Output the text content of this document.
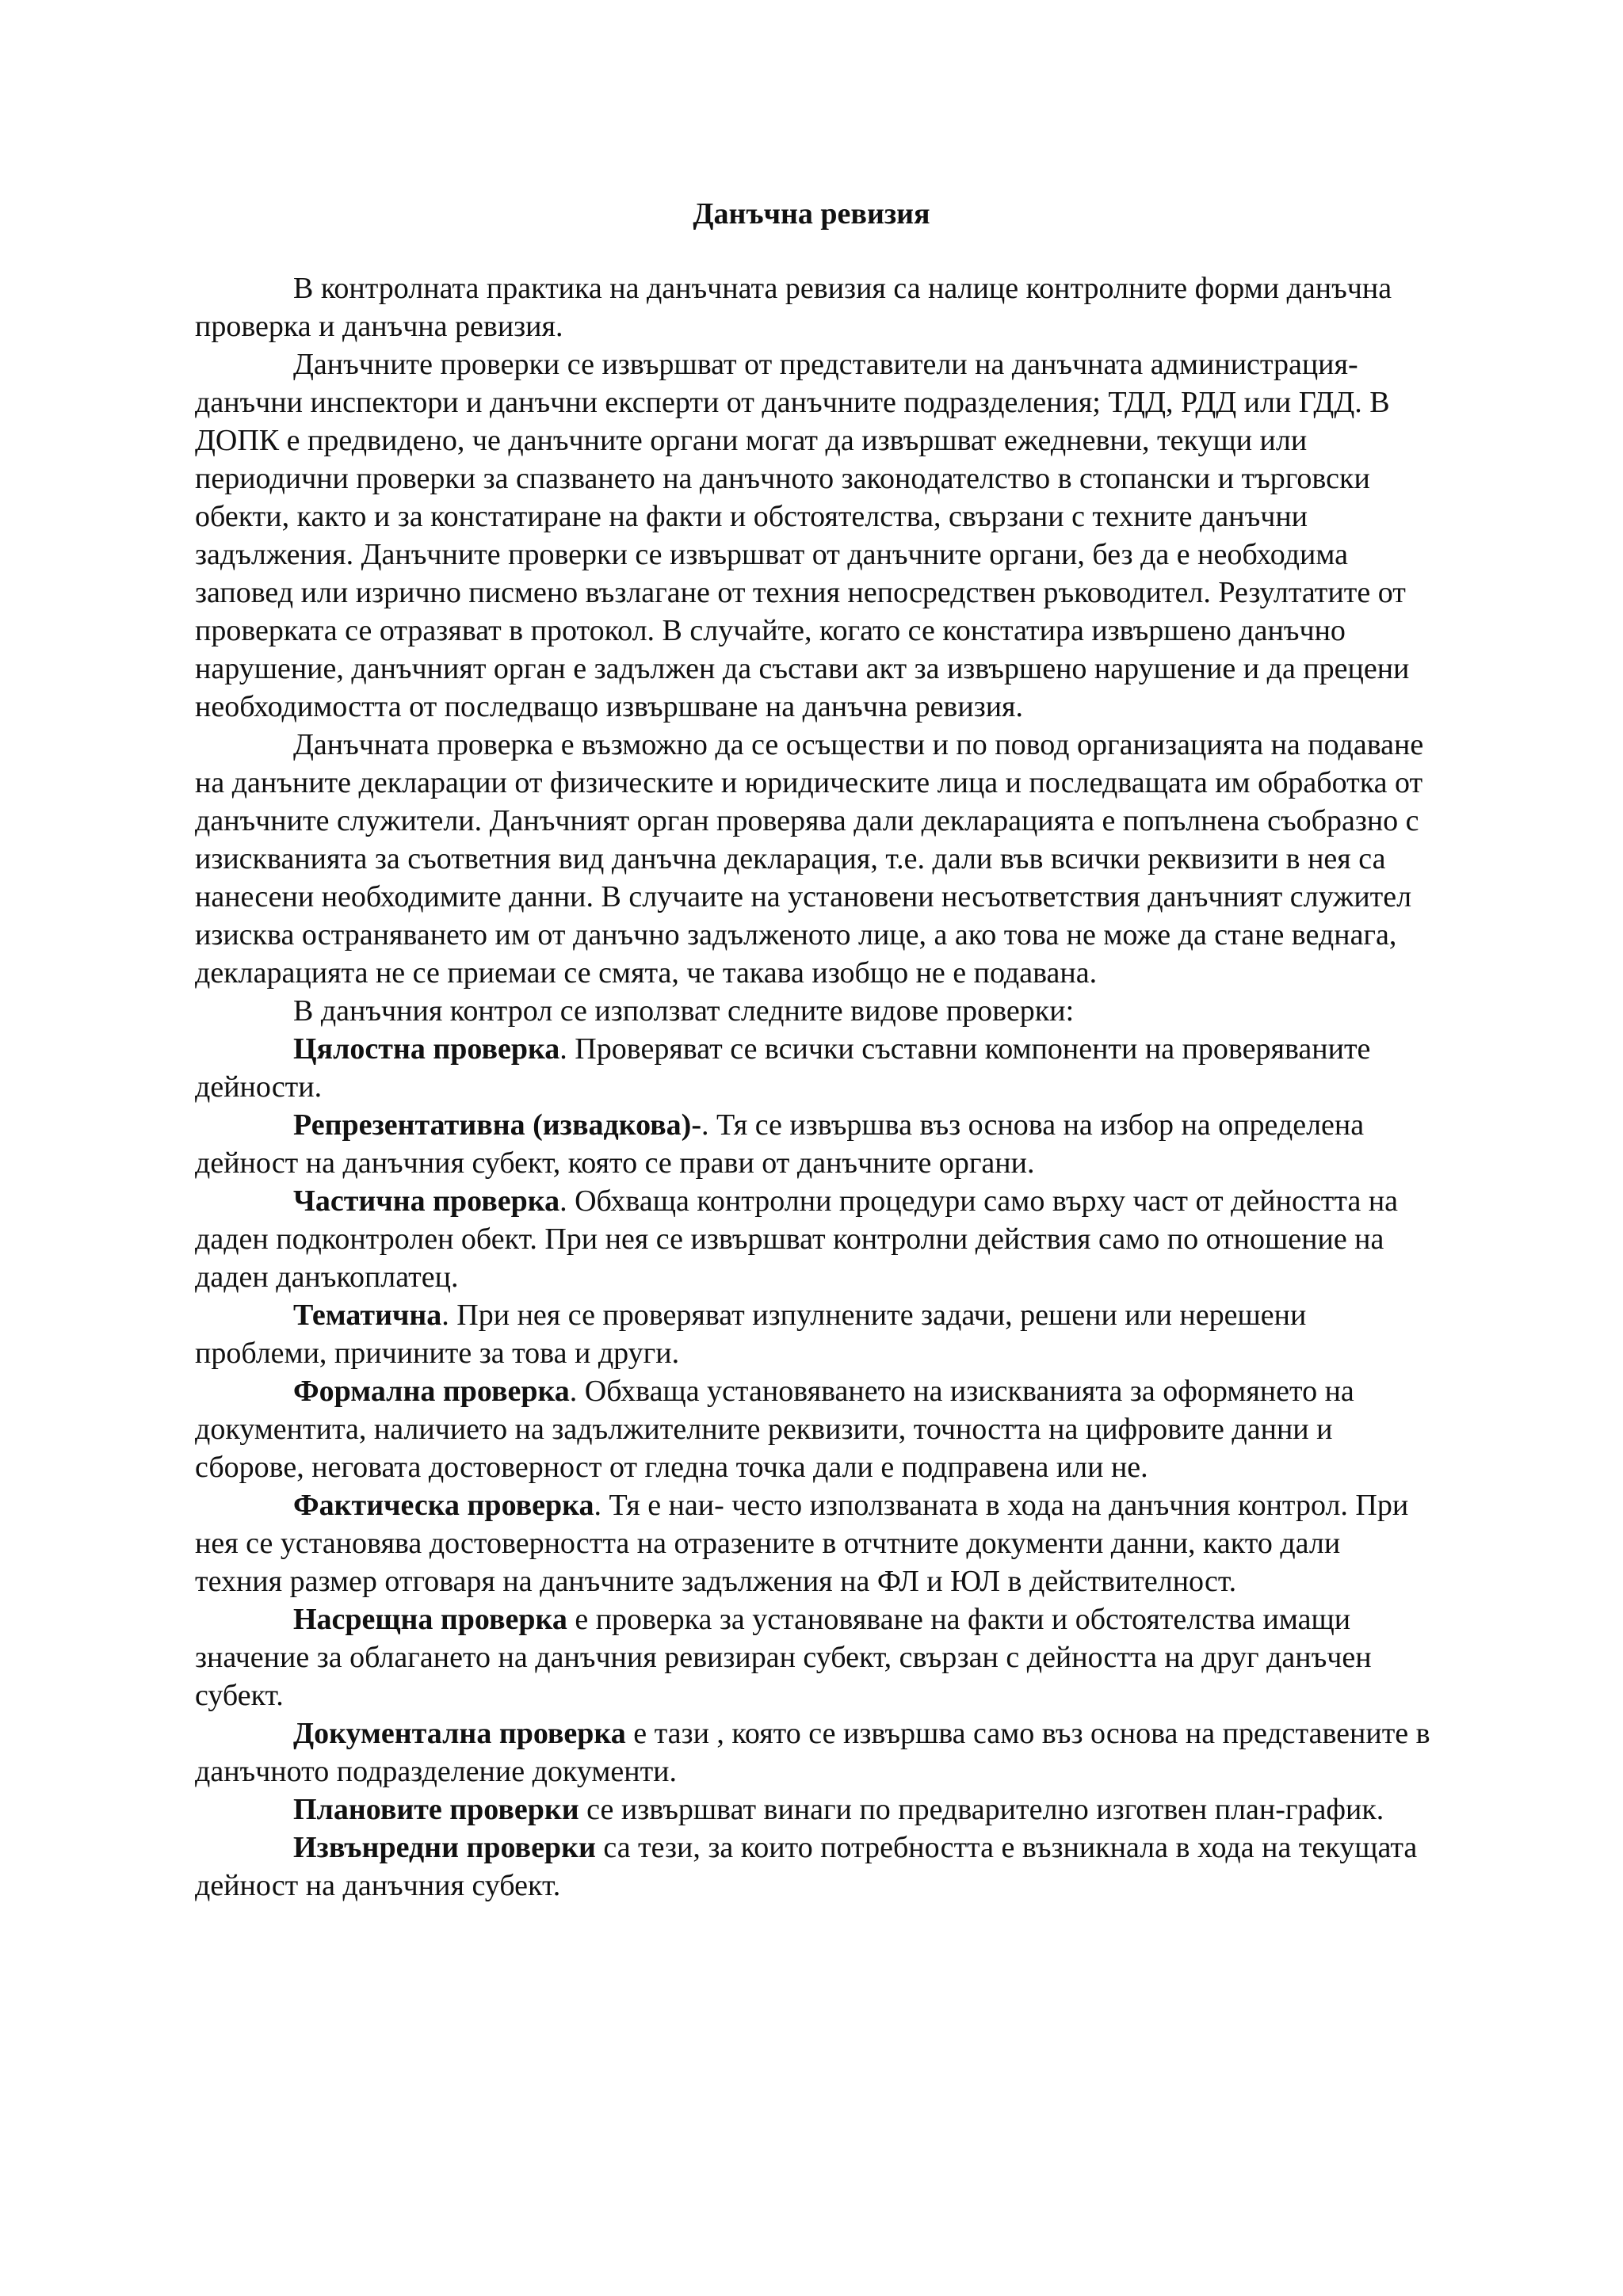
Данъчна ревизия

В контролната практика на данъчната ревизия са налице контролните форми данъчна проверка и данъчна ревизия.

Данъчните проверки се извършват от представители на данъчната администрация- данъчни инспектори и данъчни експерти от данъчните подразделения; ТДД, РДД или ГДД. В ДОПК е предвидено, че данъчните органи могат да извършват ежедневни, текущи или периодични проверки за спазването на данъчното законодателство в стопански и търговски обекти, както и за констатиране на факти и обстоятелства, свързани с техните данъчни задължения. Данъчните проверки се извършват от данъчните органи, без да е необходима заповед или изрично писмено възлагане от техния непосредствен ръководител. Резултатите от проверката се отразяват в протокол. В случайте, когато се констатира извършено данъчно нарушение, данъчният орган е задължен да състави акт за извършено нарушение и да прецени необходимостта от последващо извършване на данъчна ревизия.

Данъчната проверка е възможно да се осъществи и по повод организацията на подаване на данъните декларации от физическите и юридическите лица и последващата им обработка от данъчните служители. Данъчният орган проверява дали декларацията е попълнена съобразно с изискванията за съответния вид данъчна декларация, т.е. дали във всички реквизити в нея са нанесени необходимите данни. В случаите на установени несъответствия данъчният служител изисква остраняването им от данъчно задълженото лице, а ако това не може да стане веднага, декларацията не се приемаи се смята, че такава изобщо не е подавана.

В данъчния контрол се използват следните видове проверки:

Цялостна проверка. Проверяват се всички съставни компоненти на проверяваните дейности.

Репрезентативна (извадкова)-. Тя се извършва въз основа на избор на определена дейност на данъчния субект, която се прави от данъчните органи.

Частична проверка. Обхваща контролни процедури само върху част от дейността на даден подконтролен обект. При нея се извършват контролни действия само по отношение на даден данъкоплатец.

Тематична. При нея се проверяват изпулнените задачи, решени или нерешени проблеми, причините за това и други.

Формална проверка. Обхваща установяването на изискванията за оформянето на документита, наличието на задължителните реквизити, точността на цифровите данни и сборове, неговата достоверност от гледна точка дали е подправена или не.

Фактическа проверка. Тя е наи- често използваната в хода на данъчния контрол. При нея се установява достоверността на отразените в отчтните документи данни, както дали техния размер отговаря на данъчните задължения на ФЛ и ЮЛ в действителност.

Насрещна проверка е проверка за установяване на факти и обстоятелства имащи значение за облагането на данъчния ревизиран субект, свързан с дейността на друг данъчен субект.

Документална проверка е тази , която се извършва само въз основа на представените в данъчното подразделение документи.

Плановите проверки се извършват винаги по предварително изготвен план-график.

Извънредни проверки са тези, за които потребността е възникнала в хода на текущата дейност на данъчния субект.
